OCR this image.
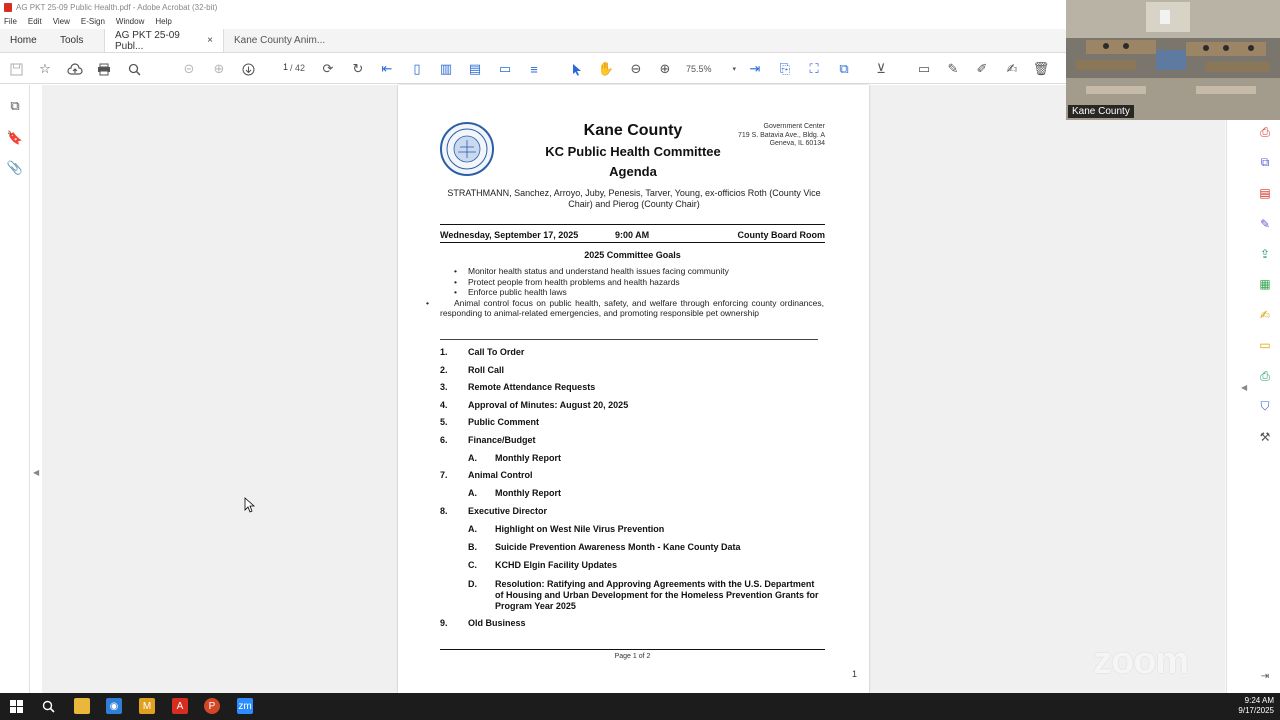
AG PKT 25-09 Public Health.pdf - Adobe Acrobat (32-bit)
File Edit View E-Sign Window Help
Home Tools	AG PKT 25-09 Publ...	× Kane County Anim...
☆	⊝ ⊕	1 / 42 ⟳ ↻ ⇤	▯	▥ ▤ ▭	≡	✋ ⊖ ⊕	75.5%	▾ ⇥ ⎘	⛶	⧉	⊻	▭ ✎ ✐ ✍ 🗑
⧉
🔖
📎
◀
Kane County
KC Public Health Committee
Agenda
Government Center
719 S. Batavia Ave., Bldg. A
Geneva, IL 60134
STRATHMANN, Sanchez, Arroyo, Juby, Penesis, Tarver, Young, ex-officios Roth (County Vice Chair) and Pierog (County Chair)
Wednesday, September 17, 2025	9:00 AM	County Board Room
2025 Committee Goals
• Monitor health status and understand health issues facing community
• Protect people from health problems and health hazards
• Enforce public health laws
• Animal control focus on public health, safety, and welfare through enforcing county ordinances, responding to animal-related emergencies, and promoting responsible pet ownership
1. Call To Order
2. Roll Call
3. Remote Attendance Requests
4. Approval of Minutes: August 20, 2025
5. Public Comment
6. Finance/Budget
A. Monthly Report
7. Animal Control
A. Monthly Report
8. Executive Director
A. Highlight on West Nile Virus Prevention
B. Suicide Prevention Awareness Month - Kane County Data
C. KCHD Elgin Facility Updates
D. Resolution: Ratifying and Approving Agreements with the U.S. Department of Housing and Urban Development for the Homeless Prevention Grants for Program Year 2025
9. Old Business
Page 1 of 2
1
◀
⎙
⧉
▤
✎
⇪
▦
✍
▭
⎙
⛉
⚒
⇥
Kane County
zoom
◉	M	A	P	zm	9:24 AM
9/17/2025
